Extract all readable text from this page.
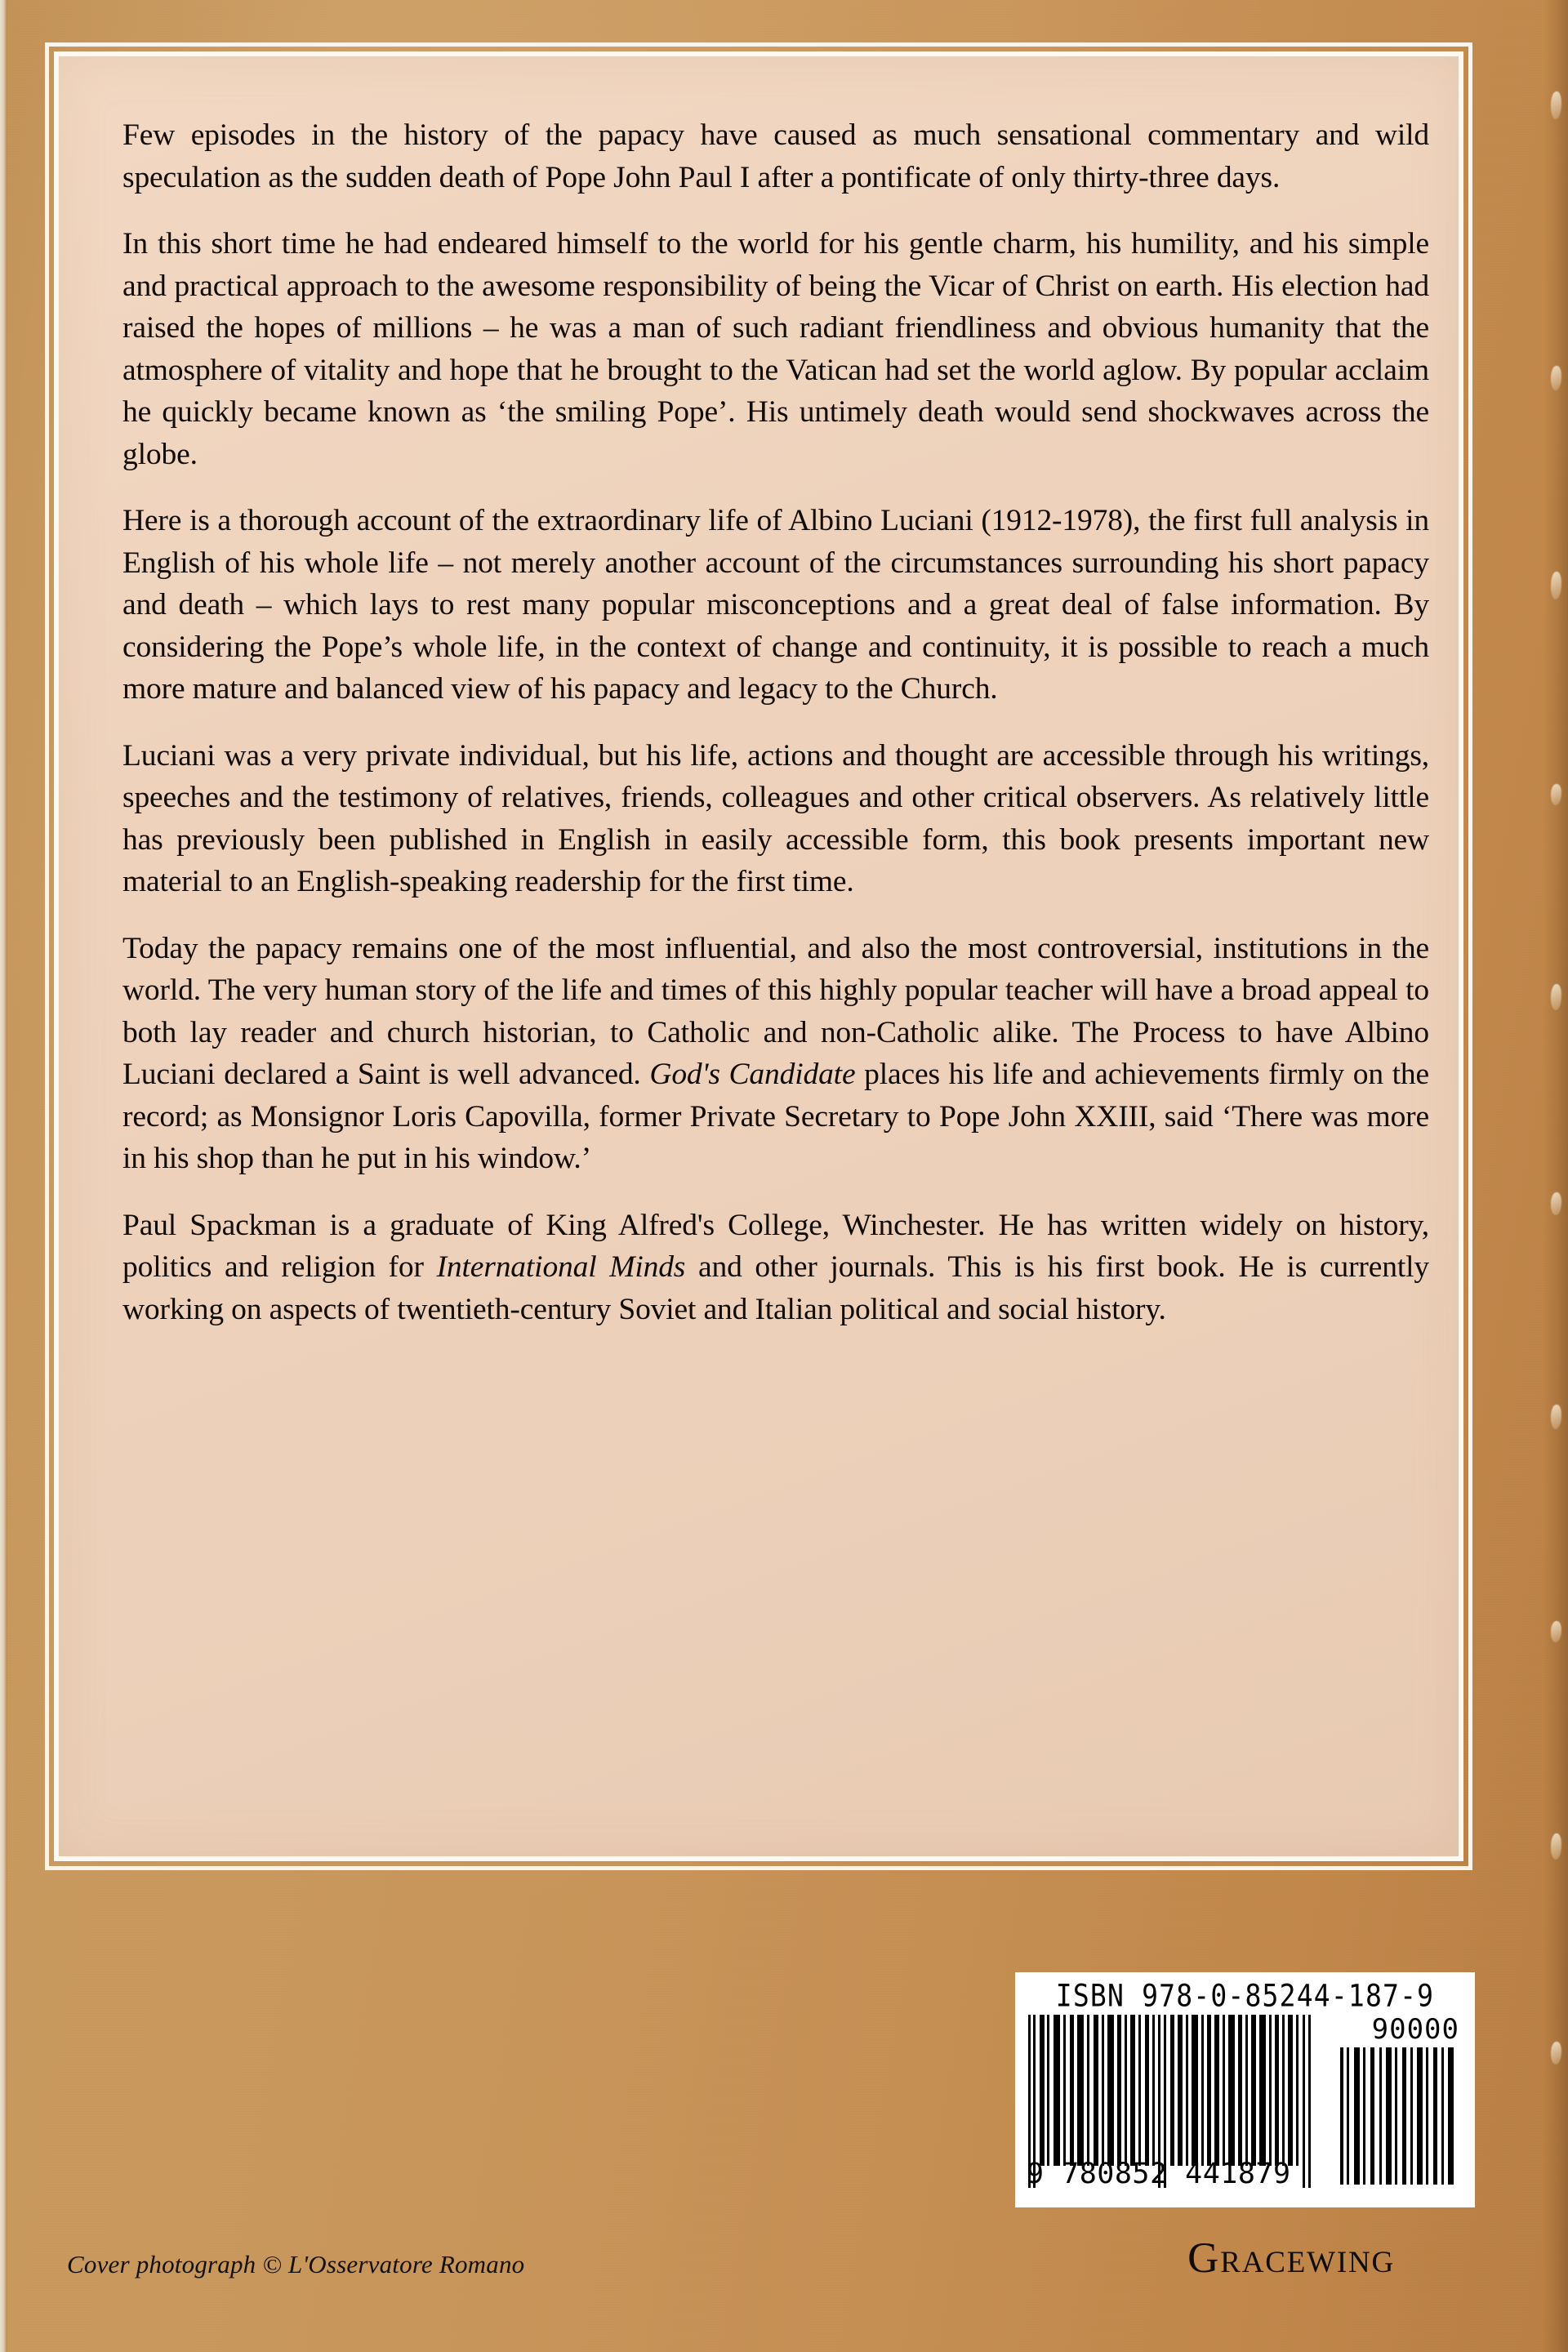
Few episodes in the history of the papacy have caused as much sensational commentary and wild speculation as the sudden death of Pope John Paul I after a pontificate of only thirty-three days.

In this short time he had endeared himself to the world for his gentle charm, his humility, and his simple and practical approach to the awesome responsibility of being the Vicar of Christ on earth. His election had raised the hopes of millions – he was a man of such radiant friendliness and obvious humanity that the atmosphere of vitality and hope that he brought to the Vatican had set the world aglow. By popular acclaim he quickly became known as ‘the smiling Pope’. His untimely death would send shockwaves across the globe.

Here is a thorough account of the extraordinary life of Albino Luciani (1912-1978), the first full analysis in English of his whole life – not merely another account of the circumstances surrounding his short papacy and death – which lays to rest many popular misconceptions and a great deal of false information. By considering the Pope’s whole life, in the context of change and continuity, it is possible to reach a much more mature and balanced view of his papacy and legacy to the Church.

Luciani was a very private individual, but his life, actions and thought are accessible through his writings, speeches and the testimony of relatives, friends, colleagues and other critical observers. As relatively little has previously been published in English in easily accessible form, this book presents important new material to an English-speaking readership for the first time.

Today the papacy remains one of the most influential, and also the most controversial, institutions in the world. The very human story of the life and times of this highly popular teacher will have a broad appeal to both lay reader and church historian, to Catholic and non-Catholic alike. The Process to have Albino Luciani declared a Saint is well advanced. God's Candidate places his life and achievements firmly on the record; as Monsignor Loris Capovilla, former Private Secretary to Pope John XXIII, said ‘There was more in his shop than he put in his window.’

Paul Spackman is a graduate of King Alfred's College, Winchester. He has written widely on history, politics and religion for International Minds and other journals. This is his first book. He is currently working on aspects of twentieth-century Soviet and Italian political and social history.

ISBN 978-0-85244-187-9
9 780852 441879
90000
Cover photograph © L'Osservatore Romano	Gracewing
